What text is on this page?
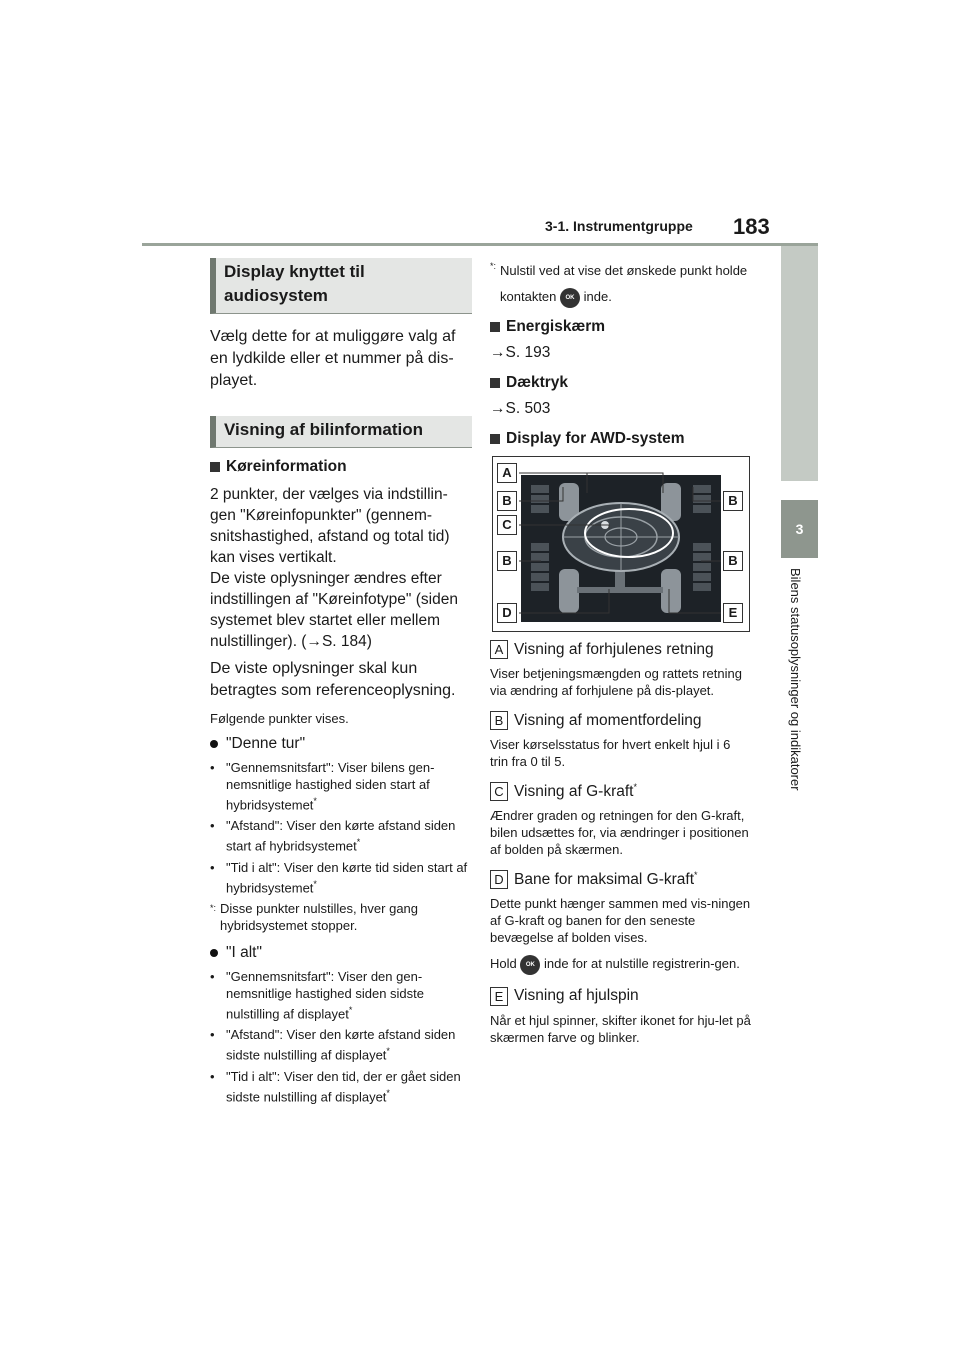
3-1. Instrumentgruppe 183
3
Bilens statusoplysninger og indikatorer
Display knyttet til
audiosystem

Vælg dette for at muliggøre valg af en lydkilde eller et nummer på dis-playet.

Visning af bilinformation
Køreinformation

2 punkter, der vælges via indstillin-gen "Køreinfopunkter" (gennem-snitshastighed, afstand og total tid) kan vises vertikalt.

De viste oplysninger ændres efter indstillingen af "Køreinfotype" (siden systemet blev startet eller mellem nulstillinger). (→S. 184)

De viste oplysninger skal kun betragtes som referenceoplysning.

Følgende punkter vises.

"Denne tur"
• "Gennemsnitsfart": Viser bilens gen-nemsnitlige hastighed siden start af hybridsystemet*
• "Afstand": Viser den kørte afstand siden start af hybridsystemet*
• "Tid i alt": Viser den kørte tid siden start af hybridsystemet*
*: Disse punkter nulstilles, hver gang hybridsystemet stopper.
"I alt"
• "Gennemsnitsfart": Viser den gen-nemsnitlige hastighed siden sidste nulstilling af displayet*
• "Afstand": Viser den kørte afstand siden sidste nulstilling af displayet*
• "Tid i alt": Viser den tid, der er gået siden sidste nulstilling af displayet*
*: Nulstil ved at vise det ønskede punkt holde kontakten OK inde.
Energiskærm
→S. 193
Dæktryk
→S. 503
Display for AWD-system
A
B	B
C
B	B
D	E
A Visning af forhjulenes retning

Viser betjeningsmængden og rattets retning via ændring af forhjulene på dis-playet.

B Visning af momentfordeling

Viser kørselsstatus for hvert enkelt hjul i 6 trin fra 0 til 5.

C Visning af G-kraft*

Ændrer graden og retningen for den G-kraft, bilen udsættes for, via ændringer i positionen af bolden på skærmen.

D Bane for maksimal G-kraft*

Dette punkt hænger sammen med vis-ningen af G-kraft og banen for den seneste bevægelse af bolden vises.

Hold OK inde for at nulstille registrerin-gen.

E Visning af hjulspin

Når et hjul spinner, skifter ikonet for hju-let på skærmen farve og blinker.
